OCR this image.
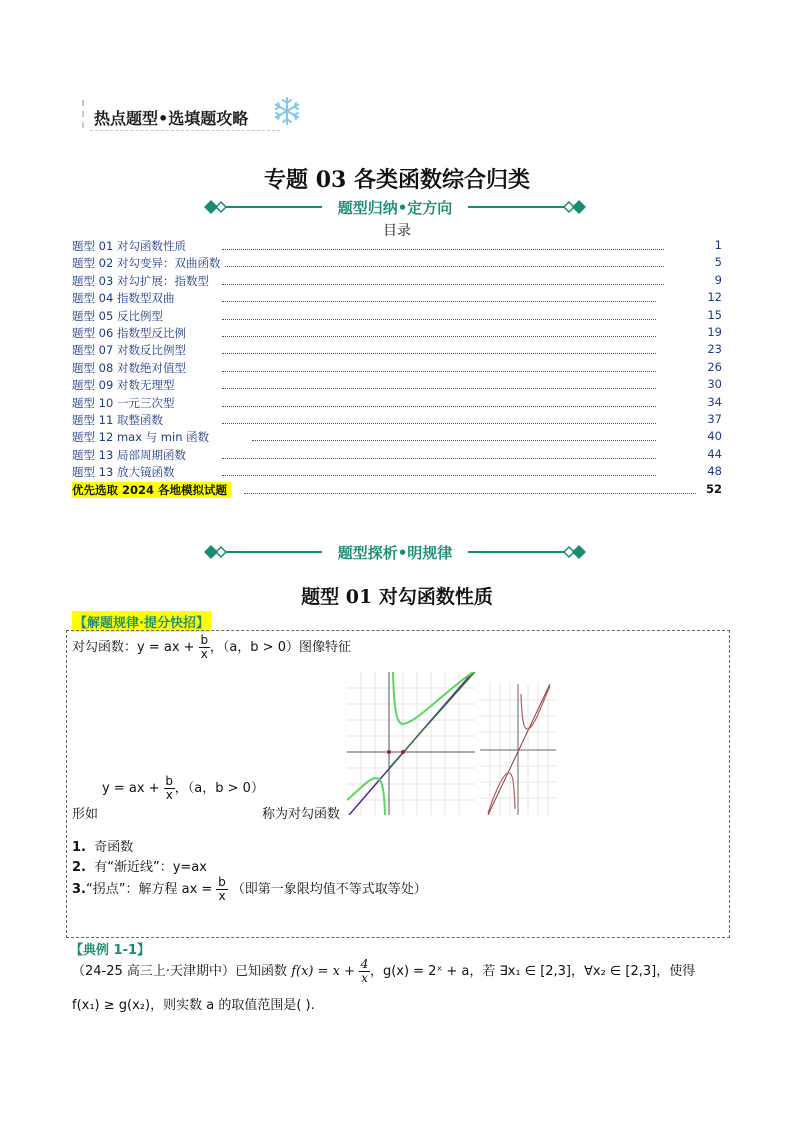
热点题型•选填题攻略
专题 03 各类函数综合归类
题型归纳•定方向
目录
题型 01 对勾函数性质	1
题型 02 对勾变异：双曲函数	5
题型 03 对勾扩展：指数型	9
题型 04 指数型双曲	12
题型 05 反比例型	15
题型 06 指数型反比例	19
题型 07 对数反比例型	23
题型 08 对数绝对值型	26
题型 09 对数无理型	30
题型 10 一元三次型	34
题型 11 取整函数	37
题型 12 max 与 min 函数	40
题型 13 局部周期函数	44
题型 13 放大镜函数	48
优先选取 2024 各地模拟试题	52
题型探析•明规律
题型 01 对勾函数性质
【解题规律·提分快招】
对勾函数：y = ax + $\frac{b}{x}$ ，（a，b > 0）图像特征
y = ax + $\frac{b}{x}$ ，（a，b > 0）
形如	称为对勾函数
1. 奇函数
2. 有“渐近线”：y=ax
3.“拐点”：解方程 ax = $\frac{b}{x}$ （即第一象限均值不等式取等处）
【典例 1-1】
（24-25 高三上·天津期中）已知函数 $f(x) = x + \frac{4}{x}$ ，g(x) = 2ˣ + a，若 ∃x₁ ∈ [2,3]，∀x₂ ∈ [2,3]，使得
f(x₁) ≥ g(x₂)，则实数 a 的取值范围是( ).
